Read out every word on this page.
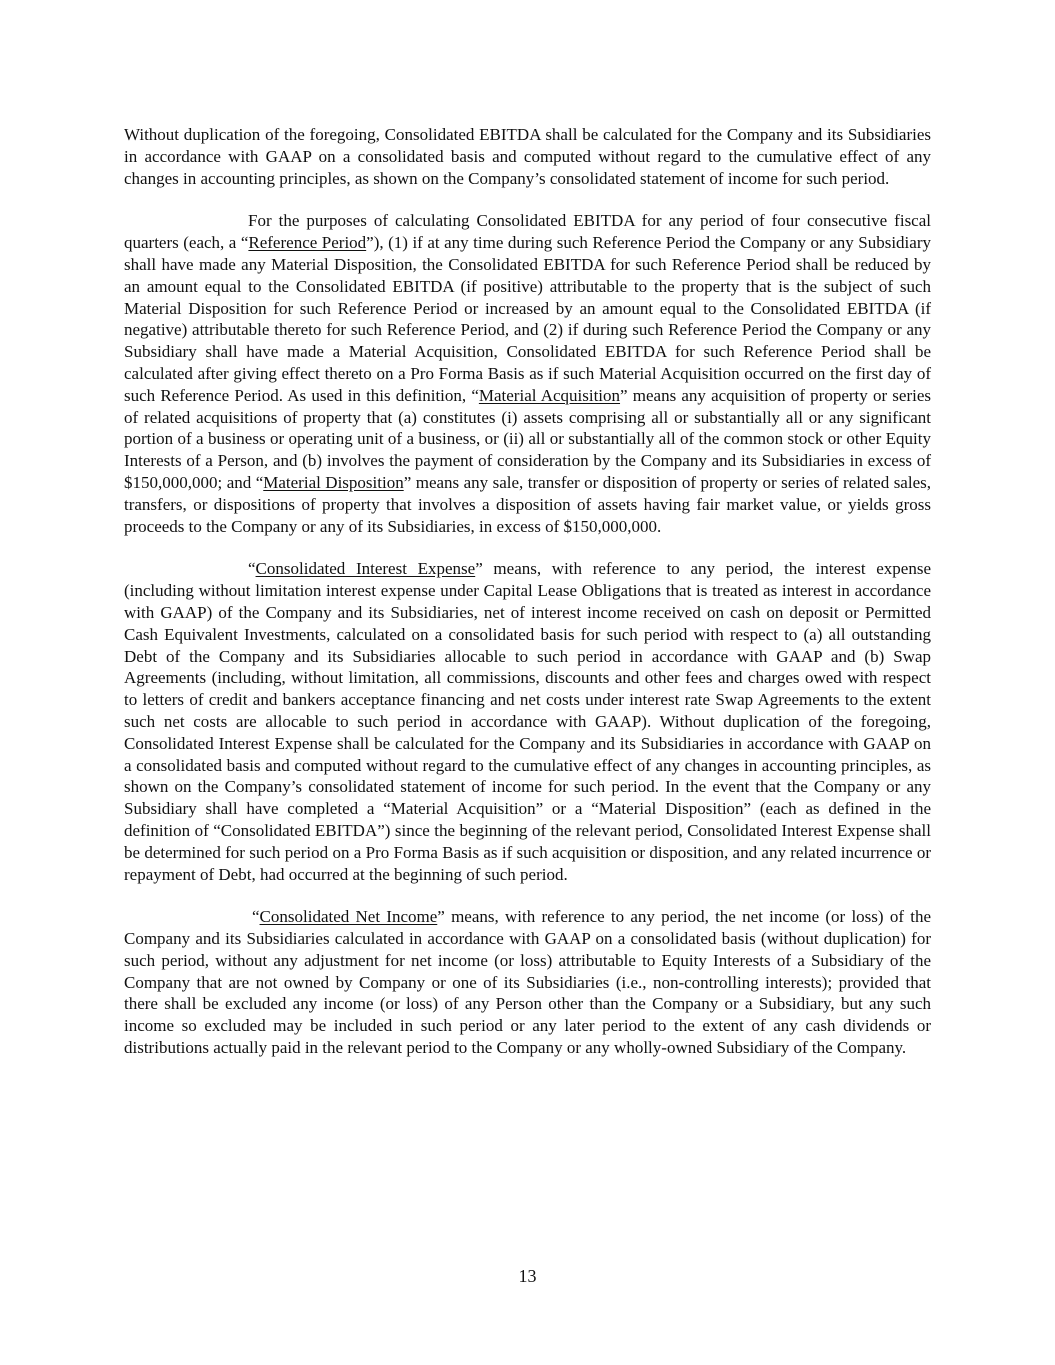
Without duplication of the foregoing, Consolidated EBITDA shall be calculated for the Company and its Subsidiaries in accordance with GAAP on a consolidated basis and computed without regard to the cumulative effect of any changes in accounting principles, as shown on the Company’s consolidated statement of income for such period.

For the purposes of calculating Consolidated EBITDA for any period of four consecutive fiscal quarters (each, a “Reference Period”), (1) if at any time during such Reference Period the Company or any Subsidiary shall have made any Material Disposition, the Consolidated EBITDA for such Reference Period shall be reduced by an amount equal to the Consolidated EBITDA (if positive) attributable to the property that is the subject of such Material Disposition for such Reference Period or increased by an amount equal to the Consolidated EBITDA (if negative) attributable thereto for such Reference Period, and (2) if during such Reference Period the Company or any Subsidiary shall have made a Material Acquisition, Consolidated EBITDA for such Reference Period shall be calculated after giving effect thereto on a Pro Forma Basis as if such Material Acquisition occurred on the first day of such Reference Period. As used in this definition, “Material Acquisition” means any acquisition of property or series of related acquisitions of property that (a) constitutes (i) assets comprising all or substantially all or any significant portion of a business or operating unit of a business, or (ii) all or substantially all of the common stock or other Equity Interests of a Person, and (b) involves the payment of consideration by the Company and its Subsidiaries in excess of $150,000,000; and “Material Disposition” means any sale, transfer or disposition of property or series of related sales, transfers, or dispositions of property that involves a disposition of assets having fair market value, or yields gross proceeds to the Company or any of its Subsidiaries, in excess of $150,000,000.

“Consolidated Interest Expense” means, with reference to any period, the interest expense (including without limitation interest expense under Capital Lease Obligations that is treated as interest in accordance with GAAP) of the Company and its Subsidiaries, net of interest income received on cash on deposit or Permitted Cash Equivalent Investments, calculated on a consolidated basis for such period with respect to (a) all outstanding Debt of the Company and its Subsidiaries allocable to such period in accordance with GAAP and (b) Swap Agreements (including, without limitation, all commissions, discounts and other fees and charges owed with respect to letters of credit and bankers acceptance financing and net costs under interest rate Swap Agreements to the extent such net costs are allocable to such period in accordance with GAAP). Without duplication of the foregoing, Consolidated Interest Expense shall be calculated for the Company and its Subsidiaries in accordance with GAAP on a consolidated basis and computed without regard to the cumulative effect of any changes in accounting principles, as shown on the Company’s consolidated statement of income for such period. In the event that the Company or any Subsidiary shall have completed a “Material Acquisition” or a “Material Disposition” (each as defined in the definition of “Consolidated EBITDA”) since the beginning of the relevant period, Consolidated Interest Expense shall be determined for such period on a Pro Forma Basis as if such acquisition or disposition, and any related incurrence or repayment of Debt, had occurred at the beginning of such period.

“Consolidated Net Income” means, with reference to any period, the net income (or loss) of the Company and its Subsidiaries calculated in accordance with GAAP on a consolidated basis (without duplication) for such period, without any adjustment for net income (or loss) attributable to Equity Interests of a Subsidiary of the Company that are not owned by Company or one of its Subsidiaries (i.e., non-controlling interests); provided that there shall be excluded any income (or loss) of any Person other than the Company or a Subsidiary, but any such income so excluded may be included in such period or any later period to the extent of any cash dividends or distributions actually paid in the relevant period to the Company or any wholly-owned Subsidiary of the Company.

13
